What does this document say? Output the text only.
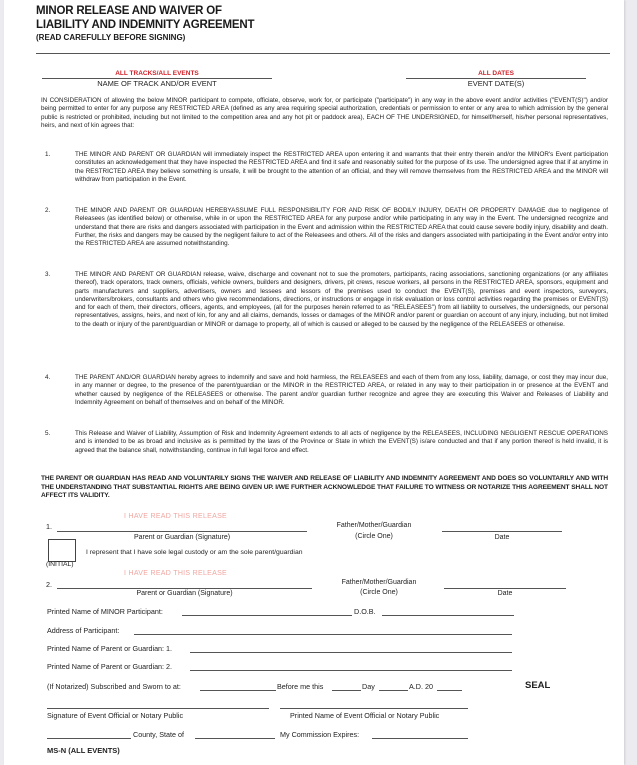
MINOR RELEASE AND WAIVER OF
LIABILITY AND INDEMNITY AGREEMENT
(READ CAREFULLY BEFORE SIGNING)
ALL TRACKS/ALL EVENTS
NAME OF TRACK AND/OR EVENT
ALL DATES
EVENT DATE(S)
IN CONSIDERATION of allowing the below MINOR participant to compete, officiate, observe, work for, or participate ("participate") in any way in the above event and/or activities ("EVENT(S)") and/or being permitted to enter for any purpose any RESTRICTED AREA (defined as any area requiring special authorization, credentials or permission to enter or any area to which admission by the general public is restricted or prohibited, including but not limited to the competition area and any hot pit or paddock area), EACH OF THE UNDERSIGNED, for himself/herself, his/her personal representatives, heirs, and next of kin agrees that:
1.	THE MINOR AND PARENT OR GUARDIAN will immediately inspect the RESTRICTED AREA upon entering it and warrants that their entry therein and/or the MINOR's Event participation constitutes an acknowledgement that they have inspected the RESTRICTED AREA and find it safe and reasonably suited for the purpose of its use. The undersigned agree that if at anytime in the RESTRICTED AREA they believe something is unsafe, it will be brought to the attention of an official, and they will remove themselves from the RESTRICTED AREA and the MINOR will withdraw from participation in the Event.
2.	THE MINOR AND PARENT OR GUARDIAN HEREBYASSUME FULL RESPONSIBILITY FOR AND RISK OF BODILY INJURY, DEATH OR PROPERTY DAMAGE due to negligence of Releasees (as identified below) or otherwise, while in or upon the RESTRICTED AREA for any purpose and/or while participating in any way in the Event. The undersigned recognize and understand that there are risks and dangers associated with participation in the Event and admission within the RESTRICTED AREA that could cause severe bodily injury, disability and death. Further, the risks and dangers may be caused by the negligent failure to act of the Releasees and others. All of the risks and dangers associated with participating in the Event and/or entry into the RESTRICTED AREA are assumed notwithstanding.
3.	THE MINOR AND PARENT OR GUARDIAN release, waive, discharge and covenant not to sue the promoters, participants, racing associations, sanctioning organizations (or any affiliates thereof), track operators, track owners, officials, vehicle owners, builders and designers, drivers, pit crews, rescue workers, all persons in the RESTRICTED AREA, sponsors, equipment and parts manufacturers and suppliers, advertisers, owners and lessees and lessors of the premises used to conduct the EVENT(S), premises and event inspectors, surveyors, underwriters/brokers, consultants and others who give recommendations, directions, or instructions or engage in risk evaluation or loss control activities regarding the premises or EVENT(S) and for each of them, their directors, officers, agents, and employees, (all for the purposes herein referred to as "RELEASEES") from all liability to ourselves, the undersigneds, our personal representatives, assigns, heirs, and next of kin, for any and all claims, demands, losses or damages of the MINOR and/or parent or guardian on account of any injury, including, but not limited to the death or injury of the parent/guardian or MINOR or damage to property, all of which is caused or alleged to be caused by the negligence of the RELEASEES or otherwise.
4.	THE PARENT AND/OR GUARDIAN hereby agrees to indemnify and save and hold harmless, the RELEASEES and each of them from any loss, liability, damage, or cost they may incur due, in any manner or degree, to the presence of the parent/guardian or the MINOR in the RESTRICTED AREA, or related in any way to their participation in or presence at the EVENT and whether caused by negligence of the RELEASEES or otherwise. The parent and/or guardian further recognize and agree they are executing this Waiver and Releases of Liability and Indemnity Agreement on behalf of themselves and on behalf of the MINOR.
5.	This Release and Waiver of Liability, Assumption of Risk and Indemnity Agreement extends to all acts of negligence by the RELEASEES, INCLUDING NEGLIGENT RESCUE OPERATIONS and is intended to be as broad and inclusive as is permitted by the laws of the Province or State in which the EVENT(S) is/are conducted and that if any portion thereof is held invalid, it is agreed that the balance shall, notwithstanding, continue in full legal force and effect.
THE PARENT OR GUARDIAN HAS READ AND VOLUNTARILY SIGNS THE WAIVER AND RELEASE OF LIABILITY AND INDEMNITY AGREEMENT AND DOES SO VOLUNTARILY AND WITH THE UNDERSTANDING THAT SUBSTANTIAL RIGHTS ARE BEING GIVEN UP. I/WE FURTHER ACKNOWLEDGE THAT FAILURE TO WITNESS OR NOTARIZE THIS AGREEMENT SHALL NOT AFFECT ITS VALIDITY.
I HAVE READ THIS RELEASE
1.
Parent or Guardian (Signature)
Father/Mother/Guardian
(Circle One)	Date
I represent that I have sole legal custody or am the sole parent/guardian
(INITIAL)
I HAVE READ THIS RELEASE
2.
Parent or Guardian (Signature)
Father/Mother/Guardian
(Circle One)	Date
Printed Name of MINOR Participant:	D.O.B.
Address of Participant:
Printed Name of Parent or Guardian: 1.
Printed Name of Parent or Guardian: 2.
(If Notarized) Subscribed and Sworn to at:	Before me this	Day	A.D. 20	SEAL
Signature of Event Official or Notary Public	Printed Name of Event Official or Notary Public
County, State of	My Commission Expires:
MS-N (ALL EVENTS)
